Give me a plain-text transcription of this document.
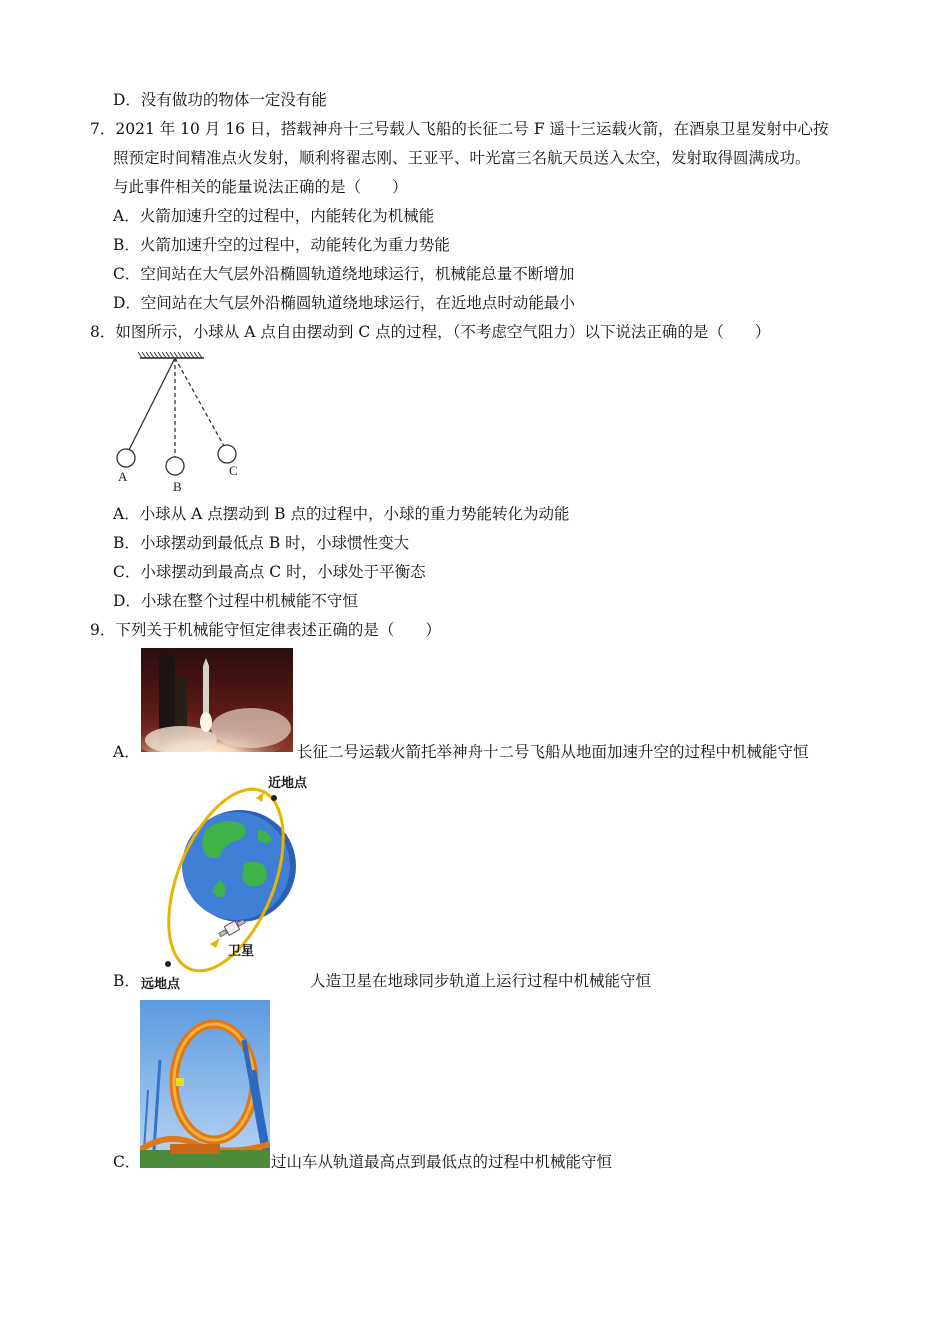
D．没有做功的物体一定没有能
7．2021 年 10 月 16 日，搭载神舟十三号载人飞船的长征二号 F 遥十三运载火箭，在酒泉卫星发射中心按
照预定时间精准点火发射，顺利将翟志刚、王亚平、叶光富三名航天员送入太空，发射取得圆满成功。
与此事件相关的能量说法正确的是（　　）
A．火箭加速升空的过程中，内能转化为机械能
B．火箭加速升空的过程中，动能转化为重力势能
C．空间站在大气层外沿椭圆轨道绕地球运行，机械能总量不断增加
D．空间站在大气层外沿椭圆轨道绕地球运行，在近地点时动能最小
8．如图所示，小球从 A 点自由摆动到 C 点的过程，（不考虑空气阻力）以下说法正确的是（　　）
A
B
C
A．小球从 A 点摆动到 B 点的过程中，小球的重力势能转化为动能
B．小球摆动到最低点 B 时，小球惯性变大
C．小球摆动到最高点 C 时，小球处于平衡态
D．小球在整个过程中机械能不守恒
9．下列关于机械能守恒定律表述正确的是（　　）
A．	长征二号运载火箭托举神舟十二号飞船从地面加速升空的过程中机械能守恒
近地点
卫星
远地点
B．	人造卫星在地球同步轨道上运行过程中机械能守恒
C．	过山车从轨道最高点到最低点的过程中机械能守恒
